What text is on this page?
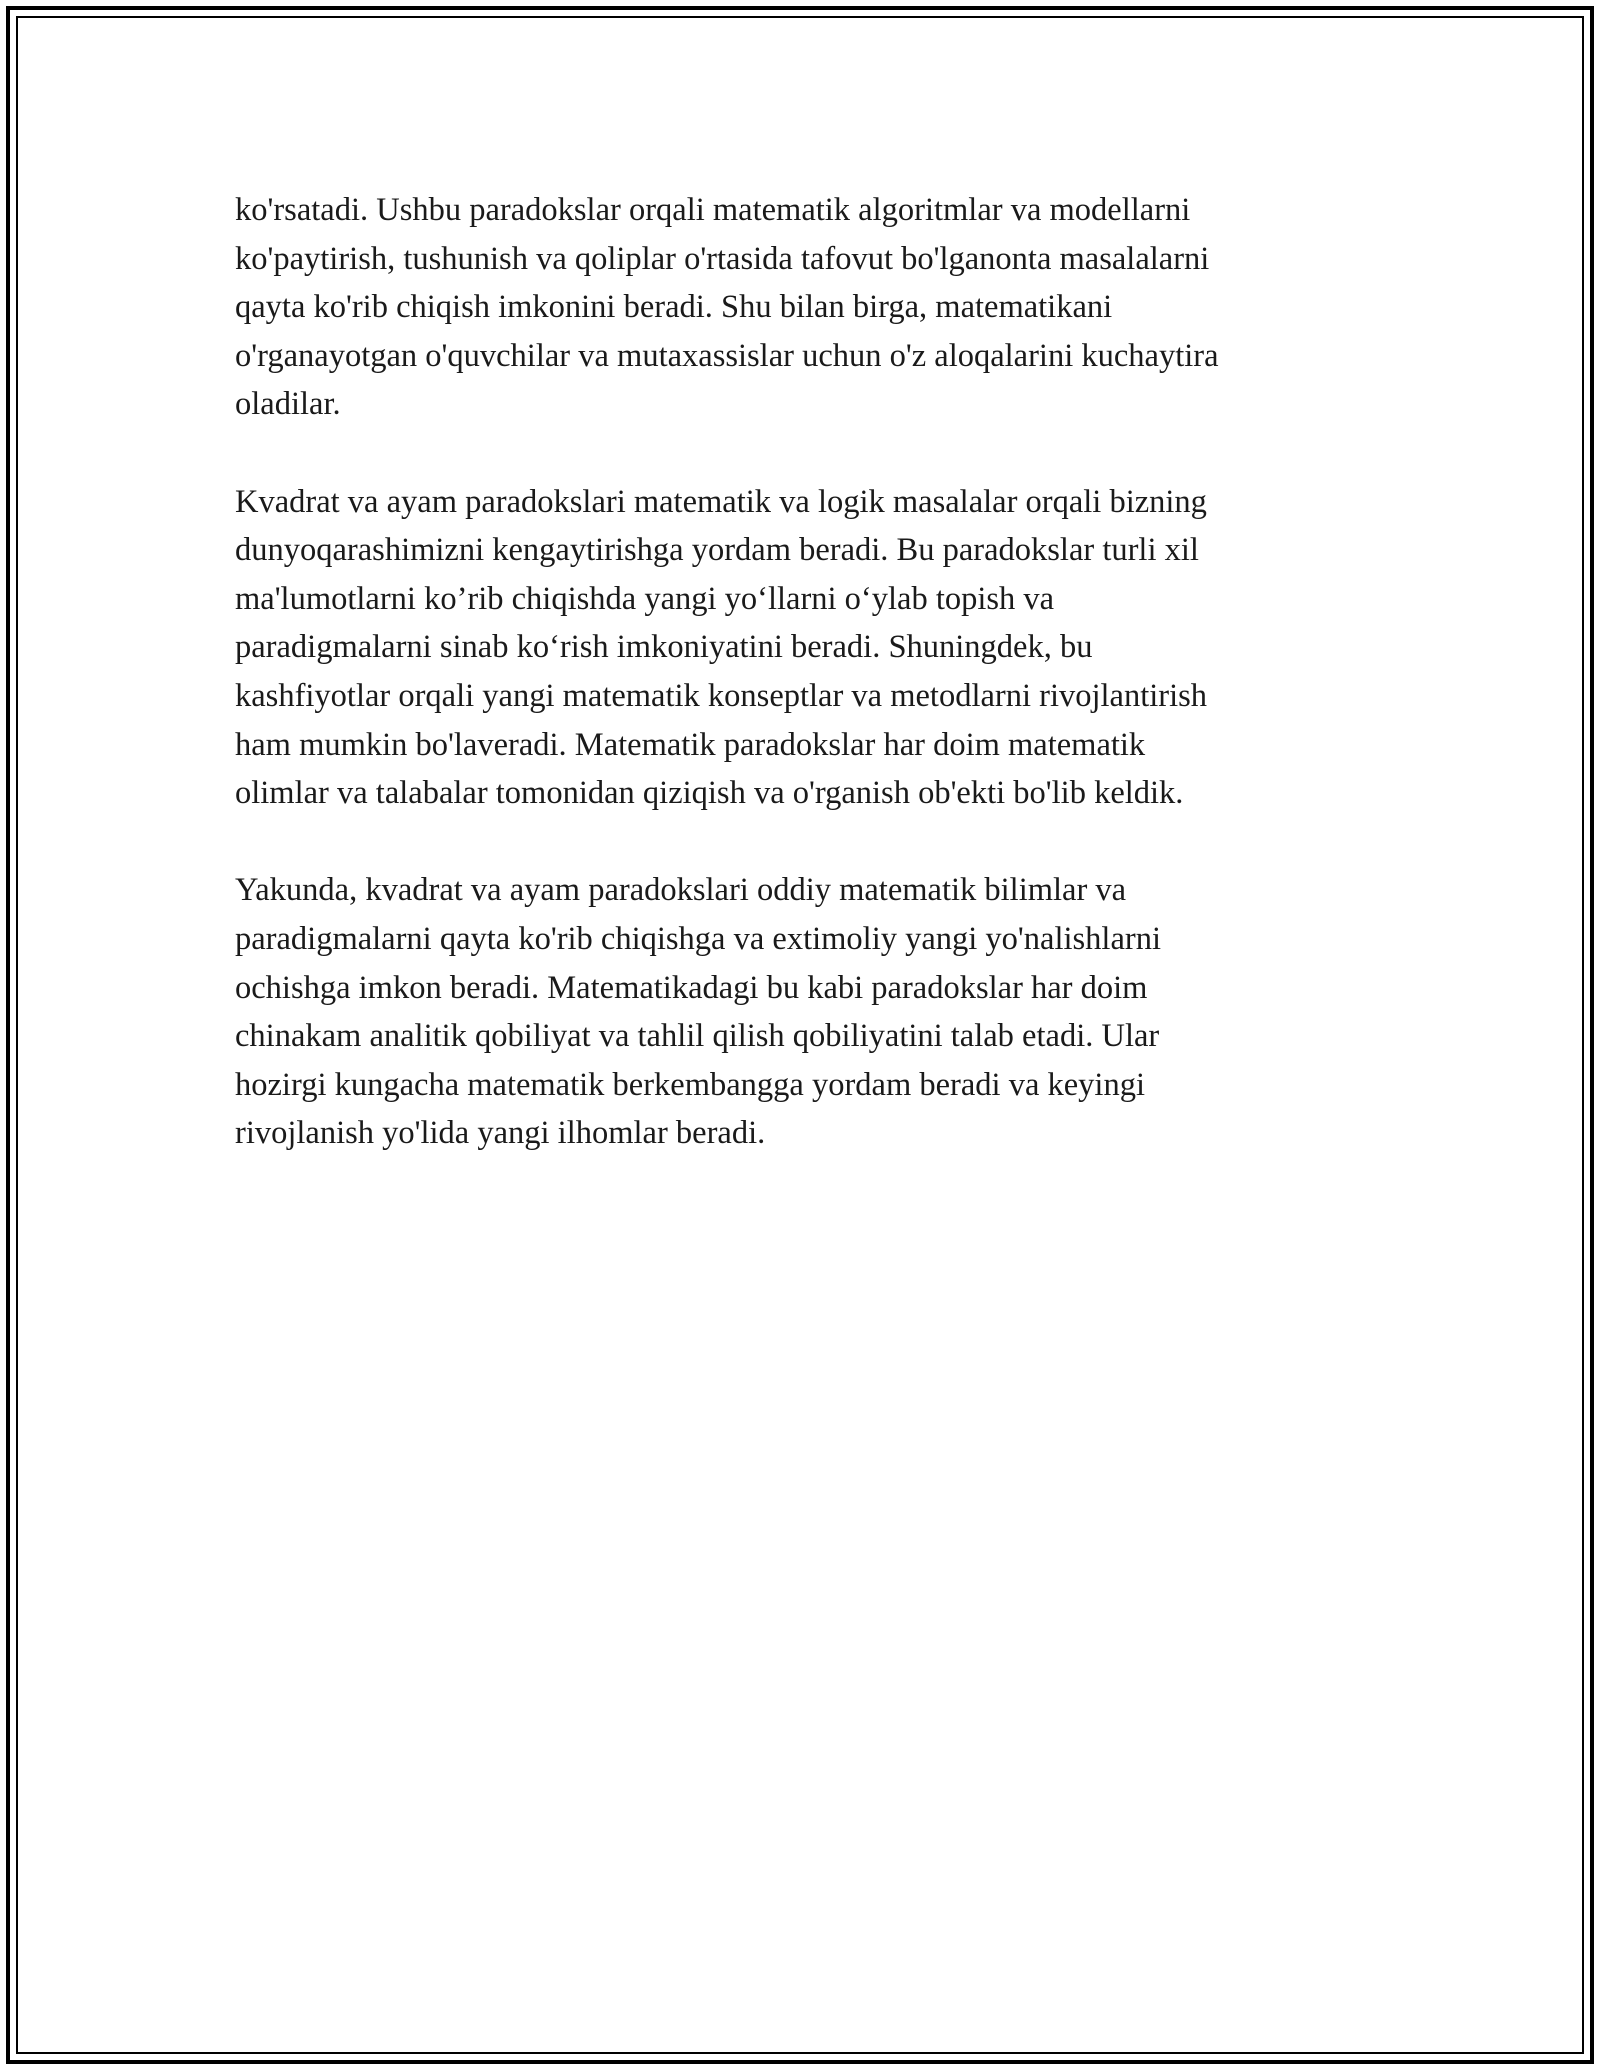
ko'rsatadi. Ushbu paradokslar orqali matematik algoritmlar va modellarni
ko'paytirish, tushunish va qoliplar o'rtasida tafovut bo'lganonta masalalarni
qayta ko'rib chiqish imkonini beradi. Shu bilan birga, matematikani
o'rganayotgan o'quvchilar va mutaxassislar uchun o'z aloqalarini kuchaytira
oladilar.

Kvadrat va ayam paradokslari matematik va logik masalalar orqali bizning
dunyoqarashimizni kengaytirishga yordam beradi. Bu paradokslar turli xil
ma'lumotlarni ko’rib chiqishda yangi yo‘llarni o‘ylab topish va
paradigmalarni sinab ko‘rish imkoniyatini beradi. Shuningdek, bu
kashfiyotlar orqali yangi matematik konseptlar va metodlarni rivojlantirish
ham mumkin bo'laveradi. Matematik paradokslar har doim matematik
olimlar va talabalar tomonidan qiziqish va o'rganish ob'ekti bo'lib keldik.

Yakunda, kvadrat va ayam paradokslari oddiy matematik bilimlar va
paradigmalarni qayta ko'rib chiqishga va extimoliy yangi yo'nalishlarni
ochishga imkon beradi. Matematikadagi bu kabi paradokslar har doim
chinakam analitik qobiliyat va tahlil qilish qobiliyatini talab etadi. Ular
hozirgi kungacha matematik berkembangga yordam beradi va keyingi
rivojlanish yo'lida yangi ilhomlar beradi.
